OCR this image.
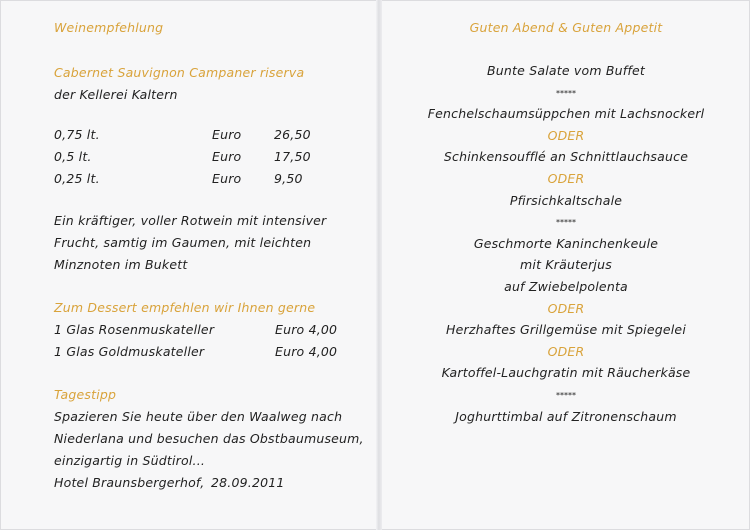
Weinempfehlung
Cabernet Sauvignon Campaner riserva
der Kellerei Kaltern
0,75 lt.	Euro	26,50
0,5 lt.	Euro	17,50
0,25 lt.	Euro	9,50
Ein kräftiger, voller Rotwein mit intensiver
Frucht, samtig im Gaumen, mit leichten
Minznoten im Bukett
Zum Dessert empfehlen wir Ihnen gerne
1 Glas Rosenmuskateller	Euro 4,00
1 Glas Goldmuskateller	Euro 4,00
Tagestipp
Spazieren Sie heute über den Waalweg nach
Niederlana und besuchen das Obstbaumuseum,
einzigartig in Südtirol...
Hotel Braunsbergerhof, 28.09.2011
Guten Abend & Guten Appetit
Bunte Salate vom Buffet
*****
Fenchelschaumsüppchen mit Lachsnockerl
ODER
Schinkensoufflé an Schnittlauchsauce
ODER
Pfirsichkaltschale
*****
Geschmorte Kaninchenkeule
mit Kräuterjus
auf Zwiebelpolenta
ODER
Herzhaftes Grillgemüse mit Spiegelei
ODER
Kartoffel-Lauchgratin mit Räucherkäse
*****
Joghurttimbal auf Zitronenschaum
